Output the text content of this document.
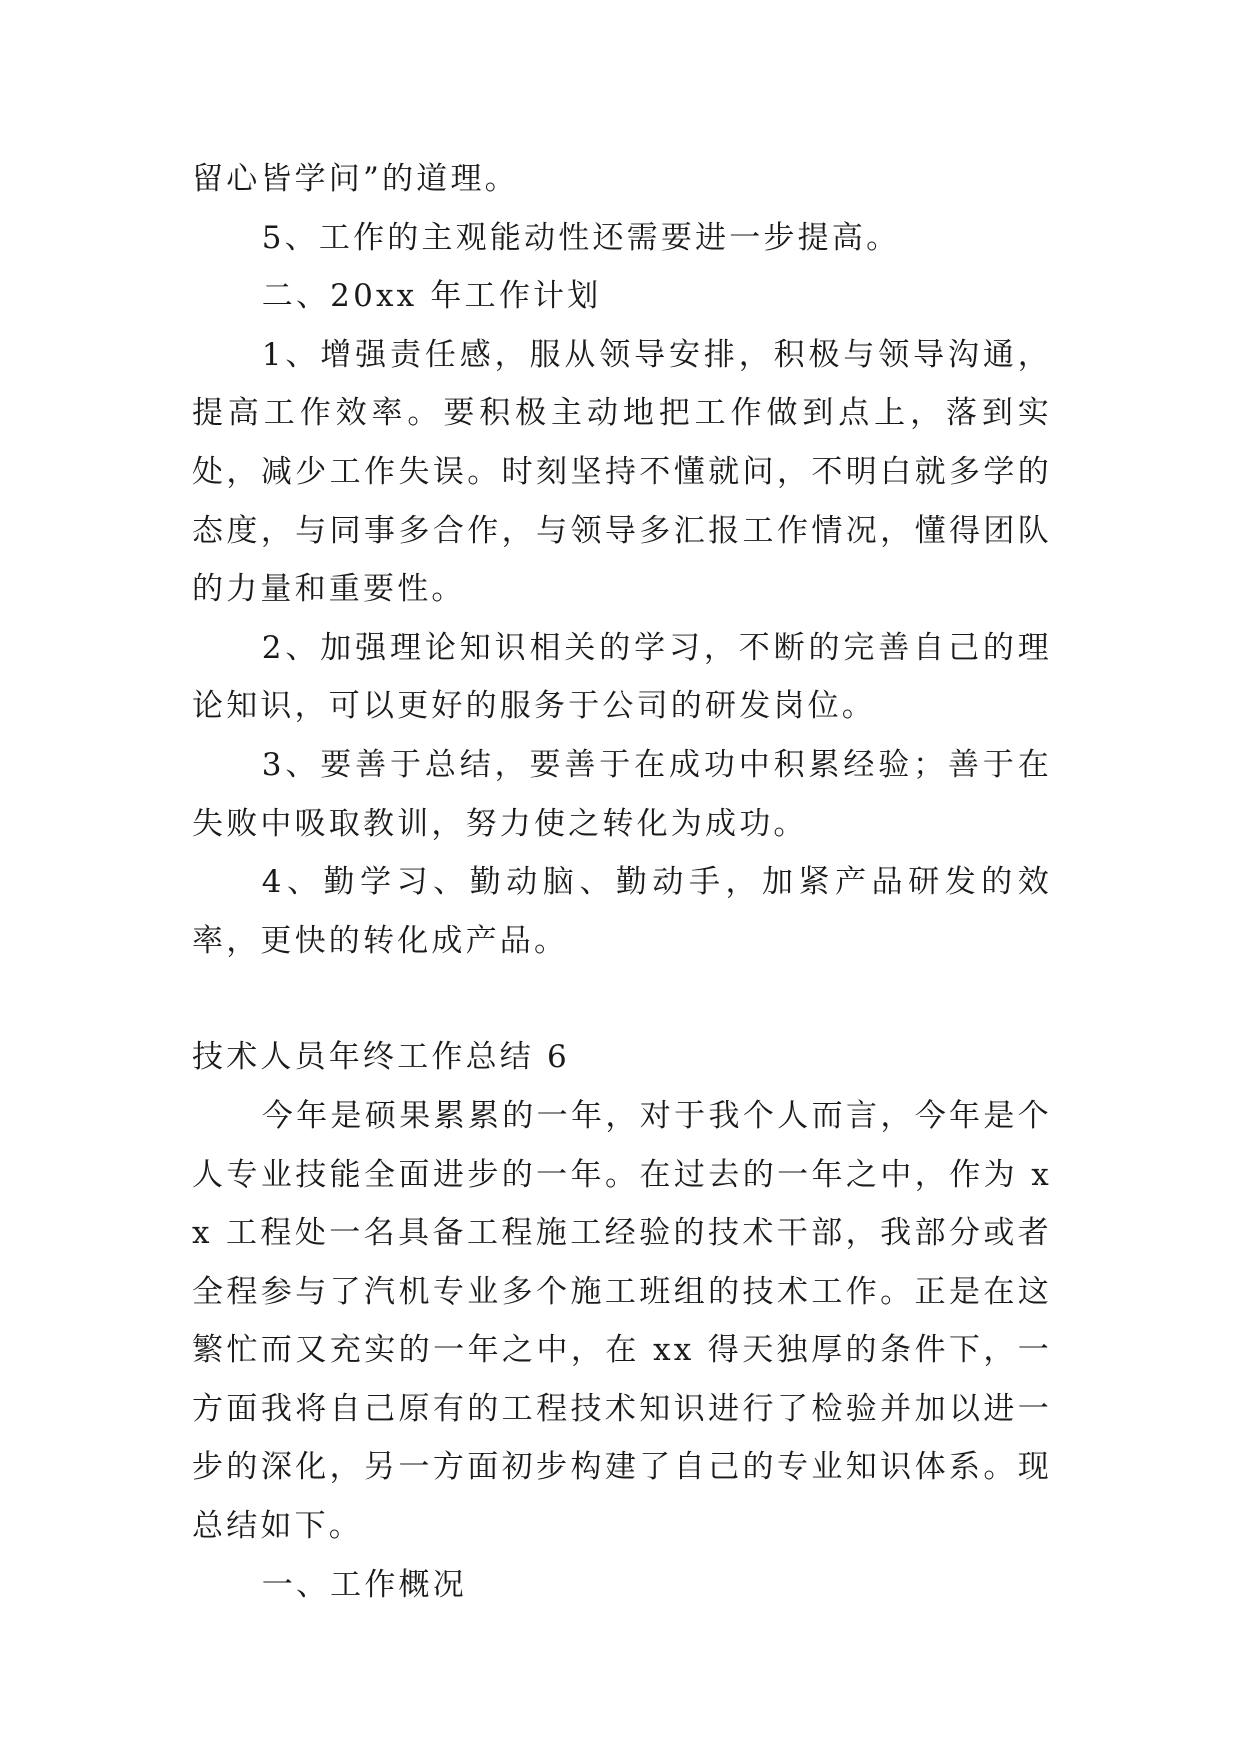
留心皆学问”的道理。

5、工作的主观能动性还需要进一步提高。

二、20xx 年工作计划

1、增强责任感，服从领导安排，积极与领导沟通，提高工作效率。要积极主动地把工作做到点上，落到实处，减少工作失误。时刻坚持不懂就问，不明白就多学的态度，与同事多合作，与领导多汇报工作情况，懂得团队的力量和重要性。

2、加强理论知识相关的学习，不断的完善自己的理论知识，可以更好的服务于公司的研发岗位。

3、要善于总结，要善于在成功中积累经验；善于在失败中吸取教训，努力使之转化为成功。

4、勤学习、勤动脑、勤动手，加紧产品研发的效率，更快的转化成产品。

技术人员年终工作总结 6

今年是硕果累累的一年，对于我个人而言，今年是个人专业技能全面进步的一年。在过去的一年之中，作为 xx 工程处一名具备工程施工经验的技术干部，我部分或者全程参与了汽机专业多个施工班组的技术工作。正是在这繁忙而又充实的一年之中，在 xx 得天独厚的条件下，一方面我将自己原有的工程技术知识进行了检验并加以进一步的深化，另一方面初步构建了自己的专业知识体系。现总结如下。

一、工作概况
